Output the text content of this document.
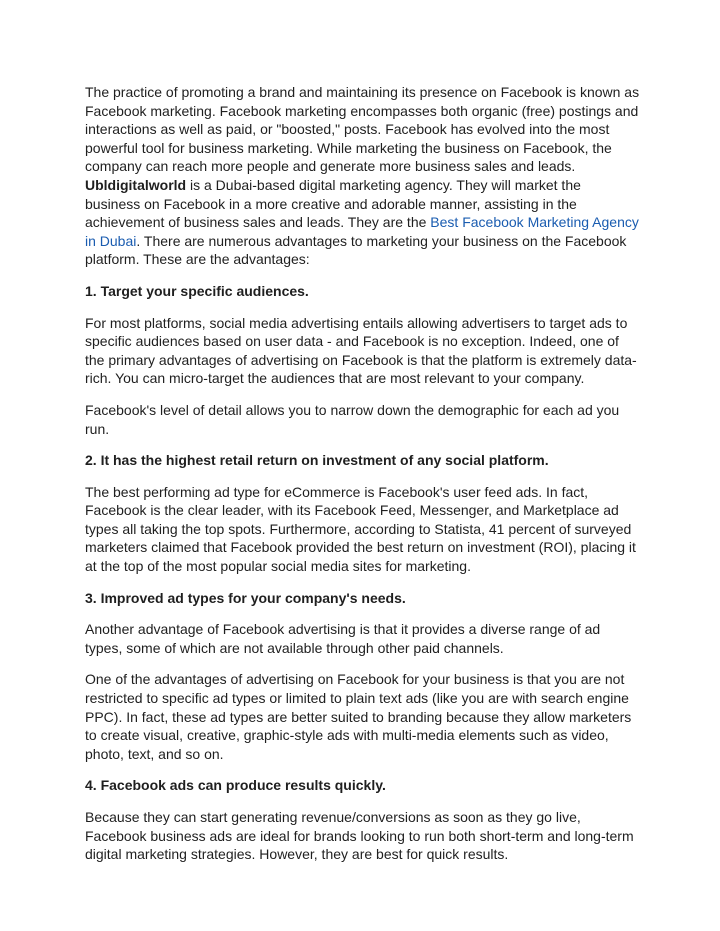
The practice of promoting a brand and maintaining its presence on Facebook is known as Facebook marketing. Facebook marketing encompasses both organic (free) postings and interactions as well as paid, or "boosted," posts. Facebook has evolved into the most powerful tool for business marketing. While marketing the business on Facebook, the company can reach more people and generate more business sales and leads. Ubldigitalworld is a Dubai-based digital marketing agency. They will market the business on Facebook in a more creative and adorable manner, assisting in the achievement of business sales and leads. They are the Best Facebook Marketing Agency in Dubai. There are numerous advantages to marketing your business on the Facebook platform. These are the advantages:

1. Target your specific audiences.

For most platforms, social media advertising entails allowing advertisers to target ads to specific audiences based on user data - and Facebook is no exception. Indeed, one of the primary advantages of advertising on Facebook is that the platform is extremely data-rich. You can micro-target the audiences that are most relevant to your company.

Facebook's level of detail allows you to narrow down the demographic for each ad you run.

2. It has the highest retail return on investment of any social platform.

The best performing ad type for eCommerce is Facebook's user feed ads. In fact, Facebook is the clear leader, with its Facebook Feed, Messenger, and Marketplace ad types all taking the top spots. Furthermore, according to Statista, 41 percent of surveyed marketers claimed that Facebook provided the best return on investment (ROI), placing it at the top of the most popular social media sites for marketing.

3. Improved ad types for your company's needs.

Another advantage of Facebook advertising is that it provides a diverse range of ad types, some of which are not available through other paid channels.

One of the advantages of advertising on Facebook for your business is that you are not restricted to specific ad types or limited to plain text ads (like you are with search engine PPC). In fact, these ad types are better suited to branding because they allow marketers to create visual, creative, graphic-style ads with multi-media elements such as video, photo, text, and so on.

4. Facebook ads can produce results quickly.

Because they can start generating revenue/conversions as soon as they go live, Facebook business ads are ideal for brands looking to run both short-term and long-term digital marketing strategies. However, they are best for quick results.
